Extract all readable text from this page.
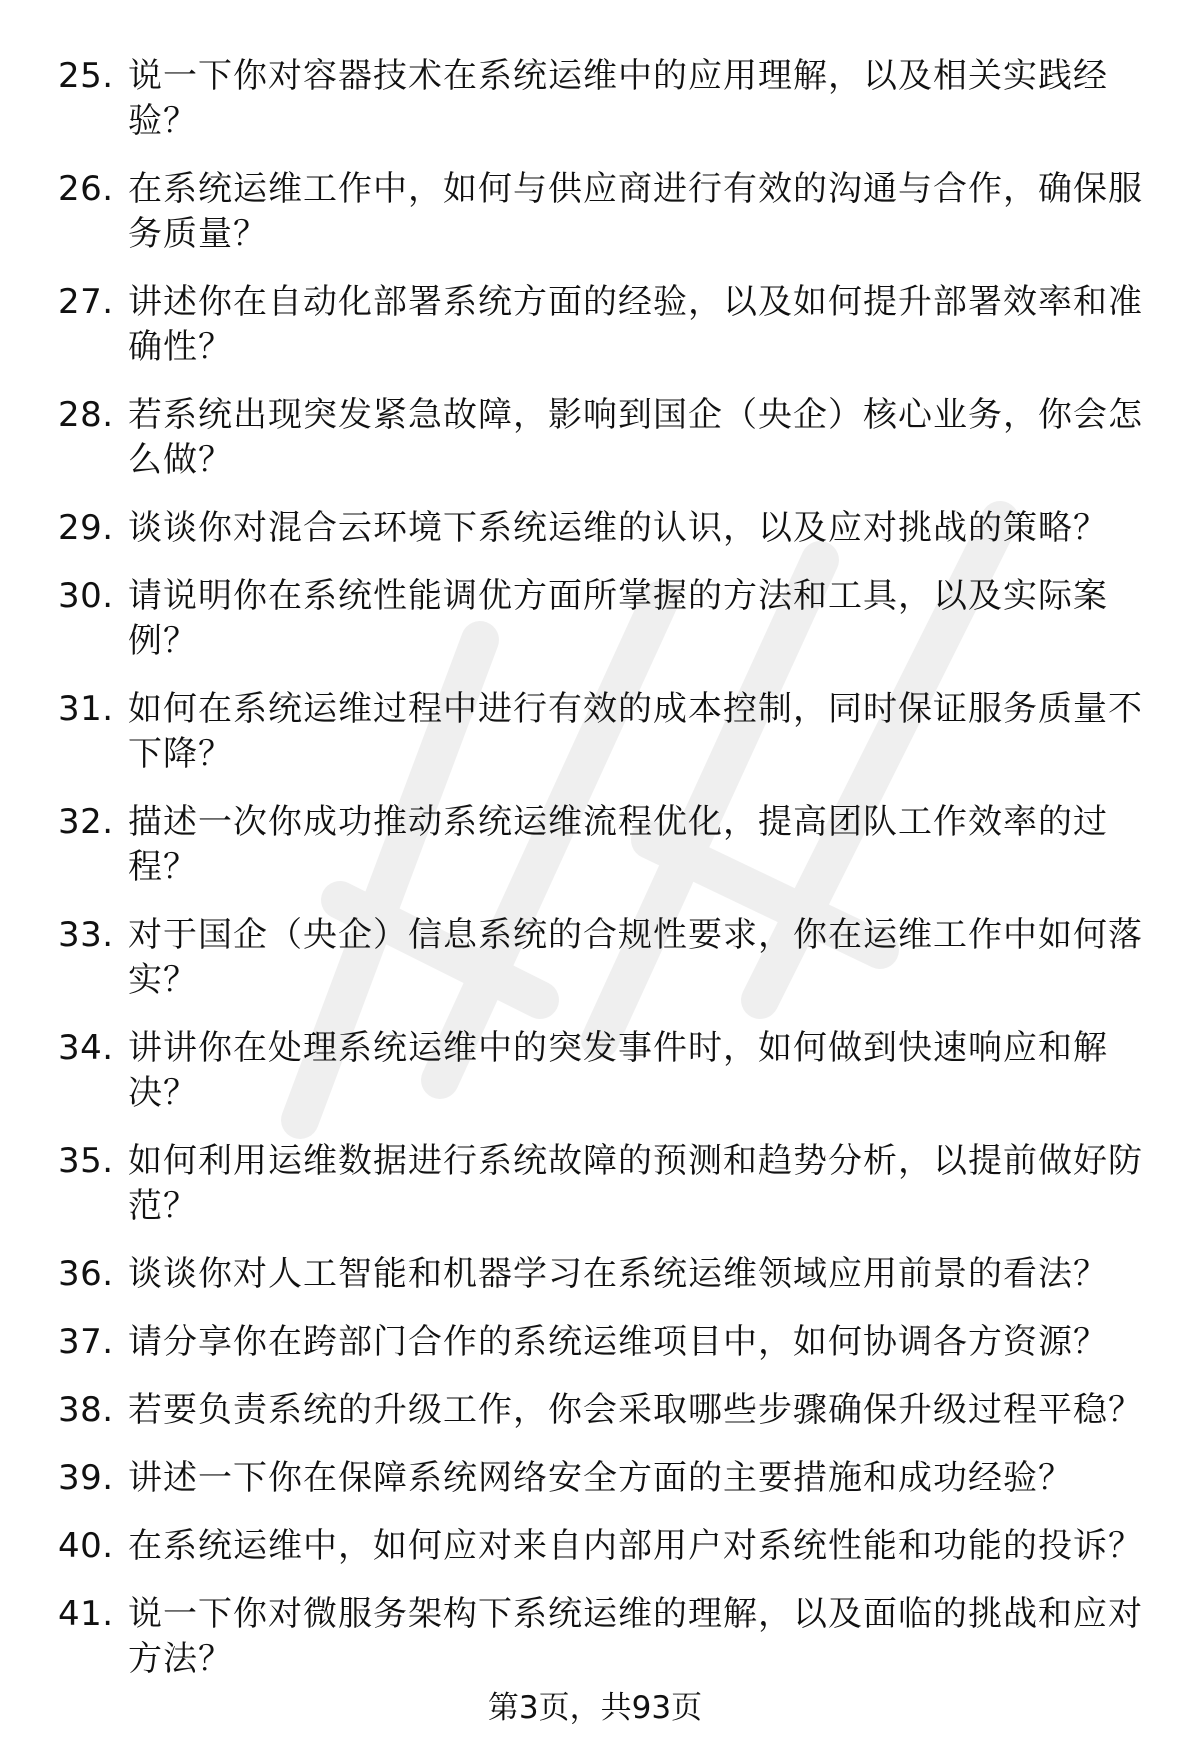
25. 说一下你对容器技术在系统运维中的应用理解，以及相关实践经验？
26. 在系统运维工作中，如何与供应商进行有效的沟通与合作，确保服务质量？
27. 讲述你在自动化部署系统方面的经验，以及如何提升部署效率和准确性？
28. 若系统出现突发紧急故障，影响到国企（央企）核心业务，你会怎么做？
29. 谈谈你对混合云环境下系统运维的认识，以及应对挑战的策略？
30. 请说明你在系统性能调优方面所掌握的方法和工具，以及实际案例？
31. 如何在系统运维过程中进行有效的成本控制，同时保证服务质量不下降？
32. 描述一次你成功推动系统运维流程优化，提高团队工作效率的过程？
33. 对于国企（央企）信息系统的合规性要求，你在运维工作中如何落实？
34. 讲讲你在处理系统运维中的突发事件时，如何做到快速响应和解决？
35. 如何利用运维数据进行系统故障的预测和趋势分析，以提前做好防范？
36. 谈谈你对人工智能和机器学习在系统运维领域应用前景的看法？
37. 请分享你在跨部门合作的系统运维项目中，如何协调各方资源？
38. 若要负责系统的升级工作，你会采取哪些步骤确保升级过程平稳？
39. 讲述一下你在保障系统网络安全方面的主要措施和成功经验？
40. 在系统运维中，如何应对来自内部用户对系统性能和功能的投诉？
41. 说一下你对微服务架构下系统运维的理解，以及面临的挑战和应对方法？
第3页，共93页
